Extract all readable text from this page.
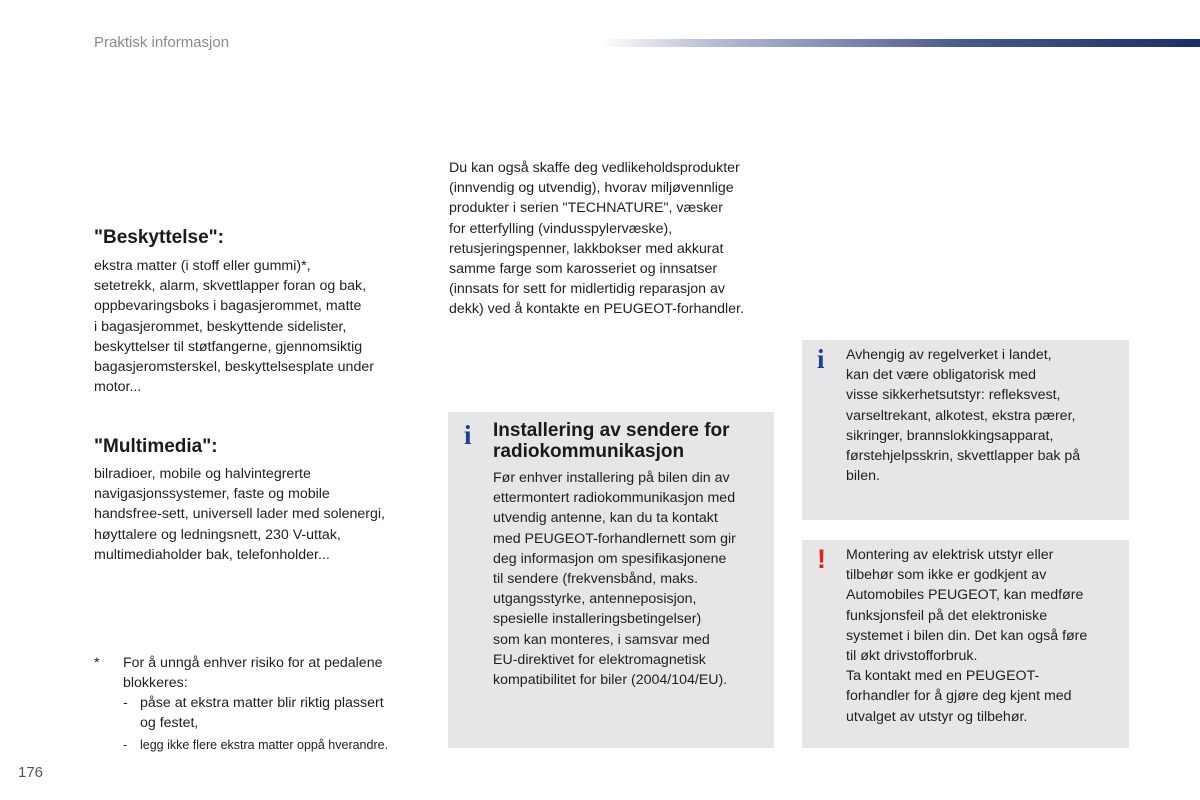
Praktisk informasjon
"Beskyttelse":
ekstra matter (i stoff eller gummi)*,
setetrekk, alarm, skvettlapper foran og bak,
oppbevaringsboks i bagasjerommet, matte
i bagasjerommet, beskyttende sidelister,
beskyttelser til støtfangerne, gjennomsiktig
bagasjeromsterskel, beskyttelsesplate under
motor...
"Multimedia":
bilradioer, mobile og halvintegrerte
navigasjonssystemer, faste og mobile
handsfree-sett, universell lader med solenergi,
høyttalere og ledningsnett, 230 V-uttak,
multimediaholder bak, telefonholder...
* For å unngå enhver risiko for at pedalene
blokkeres:
- påse at ekstra matter blir riktig plassert
og festet,
- legg ikke flere ekstra matter oppå hverandre.
Du kan også skaffe deg vedlikeholdsprodukter
(innvendig og utvendig), hvorav miljøvennlige
produkter i serien "TECHNATURE", væsker
for etterfylling (vindusspylervæske),
retusjeringspenner, lakkbokser med akkurat
samme farge som karosseriet og innsatser
(innsats for sett for midlertidig reparasjon av
dekk) ved å kontakte en PEUGEOT-forhandler.
i Installering av sendere for
radiokommunikasjon
Før enhver installering på bilen din av
ettermontert radiokommunikasjon med
utvendig antenne, kan du ta kontakt
med PEUGEOT-forhandlernett som gir
deg informasjon om spesifikasjonene
til sendere (frekvensbånd, maks.
utgangsstyrke, antenneposisjon,
spesielle installeringsbetingelser)
som kan monteres, i samsvar med
EU-direktivet for elektromagnetisk
kompatibilitet for biler (2004/104/EU).
i Avhengig av regelverket i landet,
kan det være obligatorisk med
visse sikkerhetsutstyr: refleksvest,
varseltrekant, alkotest, ekstra pærer,
sikringer, brannslokkingsapparat,
førstehjelpsskrin, skvettlapper bak på
bilen.
! Montering av elektrisk utstyr eller
tilbehør som ikke er godkjent av
Automobiles PEUGEOT, kan medføre
funksjonsfeil på det elektroniske
systemet i bilen din. Det kan også føre
til økt drivstofforbruk.
Ta kontakt med en PEUGEOT-
forhandler for å gjøre deg kjent med
utvalget av utstyr og tilbehør.
176
